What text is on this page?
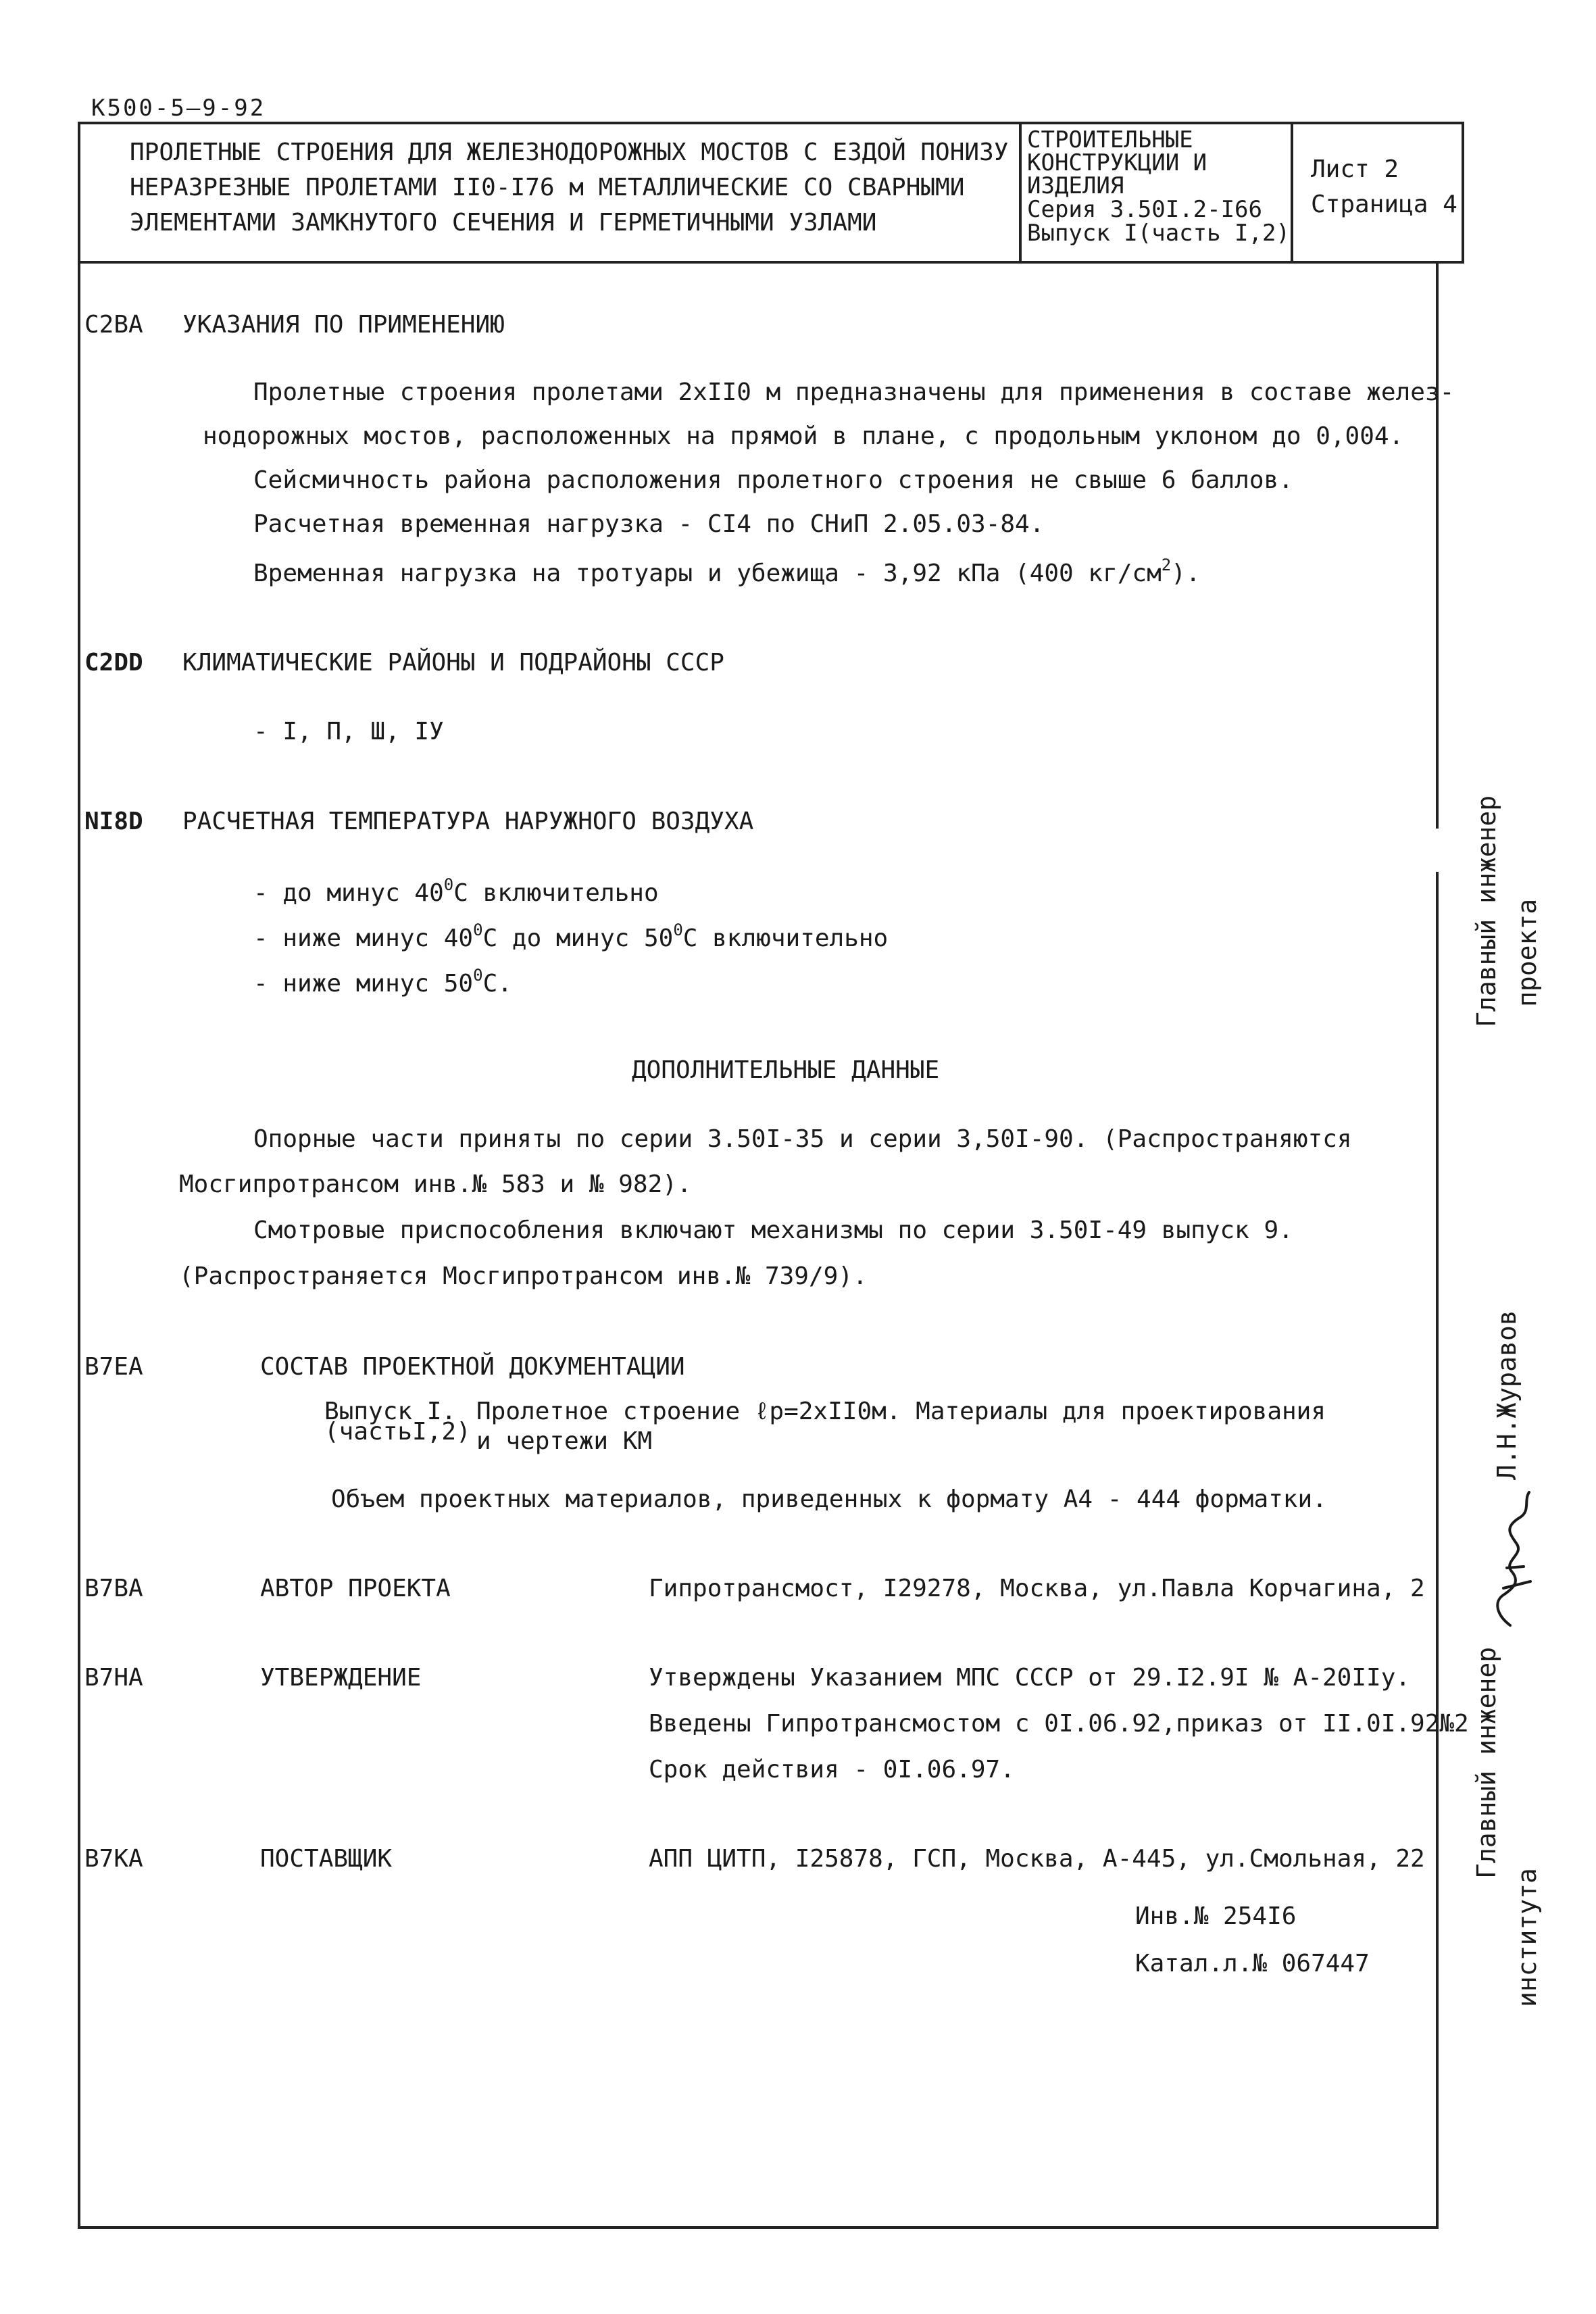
К500-5—9-92
ПРОЛЕТНЫЕ СТРОЕНИЯ ДЛЯ ЖЕЛЕЗНОДОРОЖНЫХ МОСТОВ С ЕЗДОЙ ПОНИЗУ
НЕРАЗРЕЗНЫЕ ПРОЛЕТАМИ II0-I76 м МЕТАЛЛИЧЕСКИЕ СО СВАРНЫМИ
ЭЛЕМЕНТАМИ ЗАМКНУТОГО СЕЧЕНИЯ И ГЕРМЕТИЧНЫМИ УЗЛАМИ
СТРОИТЕЛЬНЫЕ
КОНСТРУКЦИИ И
ИЗДЕЛИЯ
Серия 3.50I.2-I66
Выпуск I(часть I,2)
Лист 2
Страница 4
С2ВА УКАЗАНИЯ ПО ПРИМЕНЕНИЮ
Пролетные строения пролетами 2хII0 м предназначены для применения в составе желез-
нодорожных мостов, расположенных на прямой в плане, с продольным уклоном до 0,004.
Сейсмичность района расположения пролетного строения не свыше 6 баллов.
Расчетная временная нагрузка - СI4 по СНиП 2.05.03-84.
Временная нагрузка на тротуары и убежища - 3,92 кПа (400 $кг/см^2$).
С2DD КЛИМАТИЧЕСКИЕ РАЙОНЫ И ПОДРАЙОНЫ СССР
- I, П, Ш, IУ
NI8D РАСЧЕТНАЯ ТЕМПЕРАТУРА НАРУЖНОГО ВОЗДУХА
- до минус $40^0С$ включительно
- ниже минус $40^0С$ до минус $50^0С$ включительно
- ниже минус $50^0С$.
ДОПОЛНИТЕЛЬНЫЕ ДАННЫЕ
Опорные части приняты по серии 3.50I-35 и серии 3,50I-90. (Распространяются
Мосгипротрансом инв.№ 583 и № 982).
Смотровые приспособления включают механизмы по серии 3.50I-49 выпуск 9.
(Распространяется Мосгипротрансом инв.№ 739/9).
В7ЕА	СОСТАВ ПРОЕКТНОЙ ДОКУМЕНТАЦИИ
Выпуск I.
(частьI,2)
Пролетное строение ℓp=2хII0м. Материалы для проектирования
и чертежи КМ
Объем проектных материалов, приведенных к формату А4 - 444 форматки.
В7ВА	АВТОР ПРОЕКТА	Гипротрансмост, I29278, Москва, ул.Павла Корчагина, 2
В7НА	УТВЕРЖДЕНИЕ	Утверждены Указанием МПС СССР от 29.I2.9I № А-20IIу.
Введены Гипротрансмостом с 0I.06.92,приказ от II.0I.92№2
Срок действия - 0I.06.97.
В7КА	ПОСТАВЩИК	АПП ЦИТП, I25878, ГСП, Москва, А-445, ул.Смольная, 22
Инв.№ 254I6
Катал.л.№ 067447
Главный инженер проекта
Л.Н.Журавов
Главный инженер
института
